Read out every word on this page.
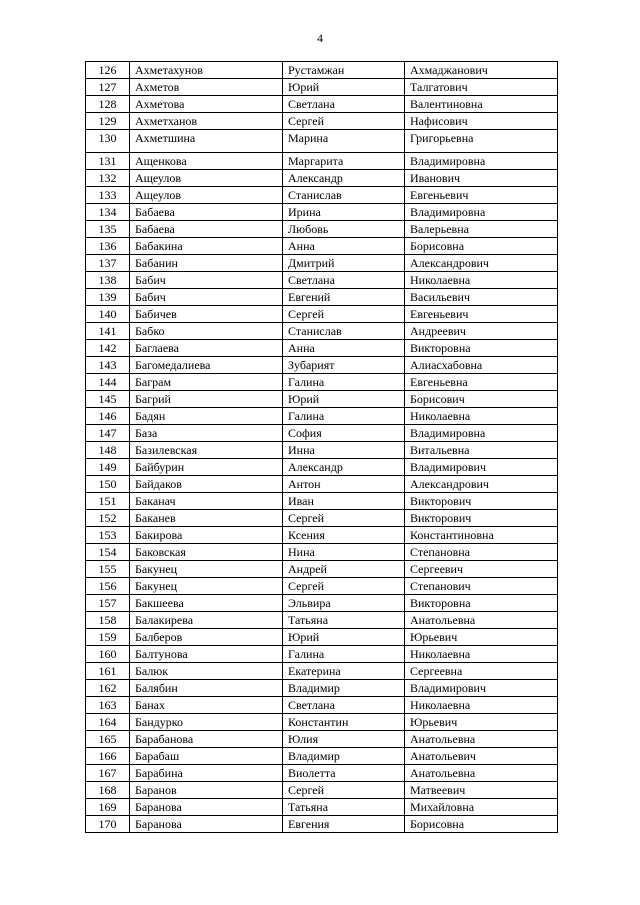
4
126	Ахметахунов	Рустамжан	Ахмаджанович
127	Ахметов	Юрий	Талгатович
128	Ахметова	Светлана	Валентиновна
129	Ахметханов	Сергей	Нафисович
130	Ахметшина	Марина	Григорьевна
131	Ащенкова	Маргарита	Владимировна
132	Ащеулов	Александр	Иванович
133	Ащеулов	Станислав	Евгеньевич
134	Бабаева	Ирина	Владимировна
135	Бабаева	Любовь	Валерьевна
136	Бабакина	Анна	Борисовна
137	Бабанин	Дмитрий	Александрович
138	Бабич	Светлана	Николаевна
139	Бабич	Евгений	Васильевич
140	Бабичев	Сергей	Евгеньевич
141	Бабко	Станислав	Андреевич
142	Баглаева	Анна	Викторовна
143	Багомедалиева	Зубарият	Алиасхабовна
144	Баграм	Галина	Евгеньевна
145	Багрий	Юрий	Борисович
146	Бадян	Галина	Николаевна
147	База	София	Владимировна
148	Базилевская	Инна	Витальевна
149	Байбурин	Александр	Владимирович
150	Байдаков	Антон	Александрович
151	Баканач	Иван	Викторович
152	Баканев	Сергей	Викторович
153	Бакирова	Ксения	Константиновна
154	Баковская	Нина	Степановна
155	Бакунец	Андрей	Сергеевич
156	Бакунец	Сергей	Степанович
157	Бакшеева	Эльвира	Викторовна
158	Балакирева	Татьяна	Анатольевна
159	Балберов	Юрий	Юрьевич
160	Балтунова	Галина	Николаевна
161	Балюк	Екатерина	Сергеевна
162	Балябин	Владимир	Владимирович
163	Банах	Светлана	Николаевна
164	Бандурко	Константин	Юрьевич
165	Барабанова	Юлия	Анатольевна
166	Барабаш	Владимир	Анатольевич
167	Барабина	Виолетта	Анатольевна
168	Баранов	Сергей	Матвеевич
169	Баранова	Татьяна	Михайловна
170	Баранова	Евгения	Борисовна
